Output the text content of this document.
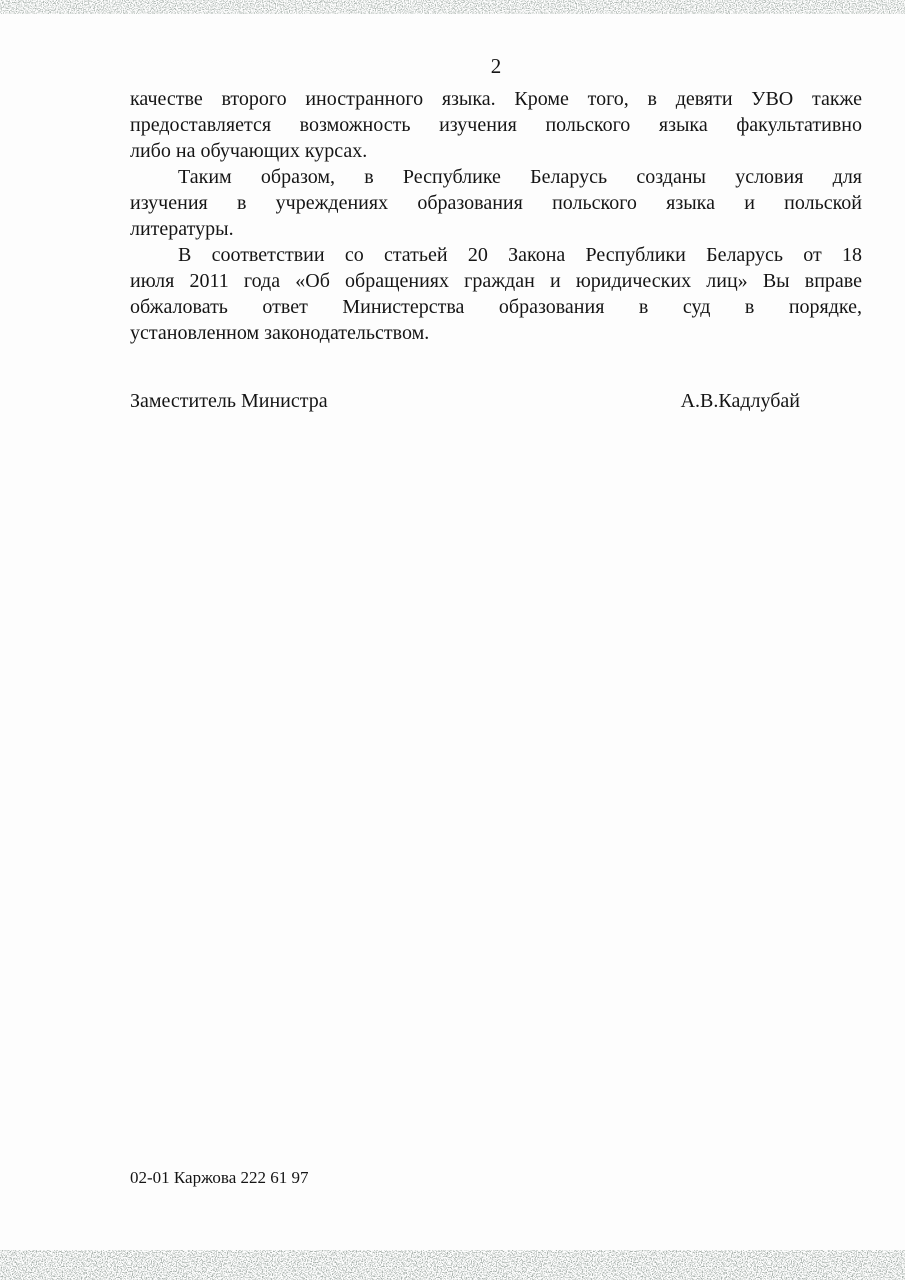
2
качестве второго иностранного языка. Кроме того, в девяти УВО также
предоставляется возможность изучения польского языка факультативно
либо на обучающих курсах.
Таким образом, в Республике Беларусь созданы условия для
изучения в учреждениях образования польского языка и польской
литературы.
В соответствии со статьей 20 Закона Республики Беларусь от 18
июля 2011 года «Об обращениях граждан и юридических лиц» Вы вправе
обжаловать ответ Министерства образования в суд в порядке,
установленном законодательством.
Заместитель Министра	А.В.Кадлубай
02-01 Каржова 222 61 97
